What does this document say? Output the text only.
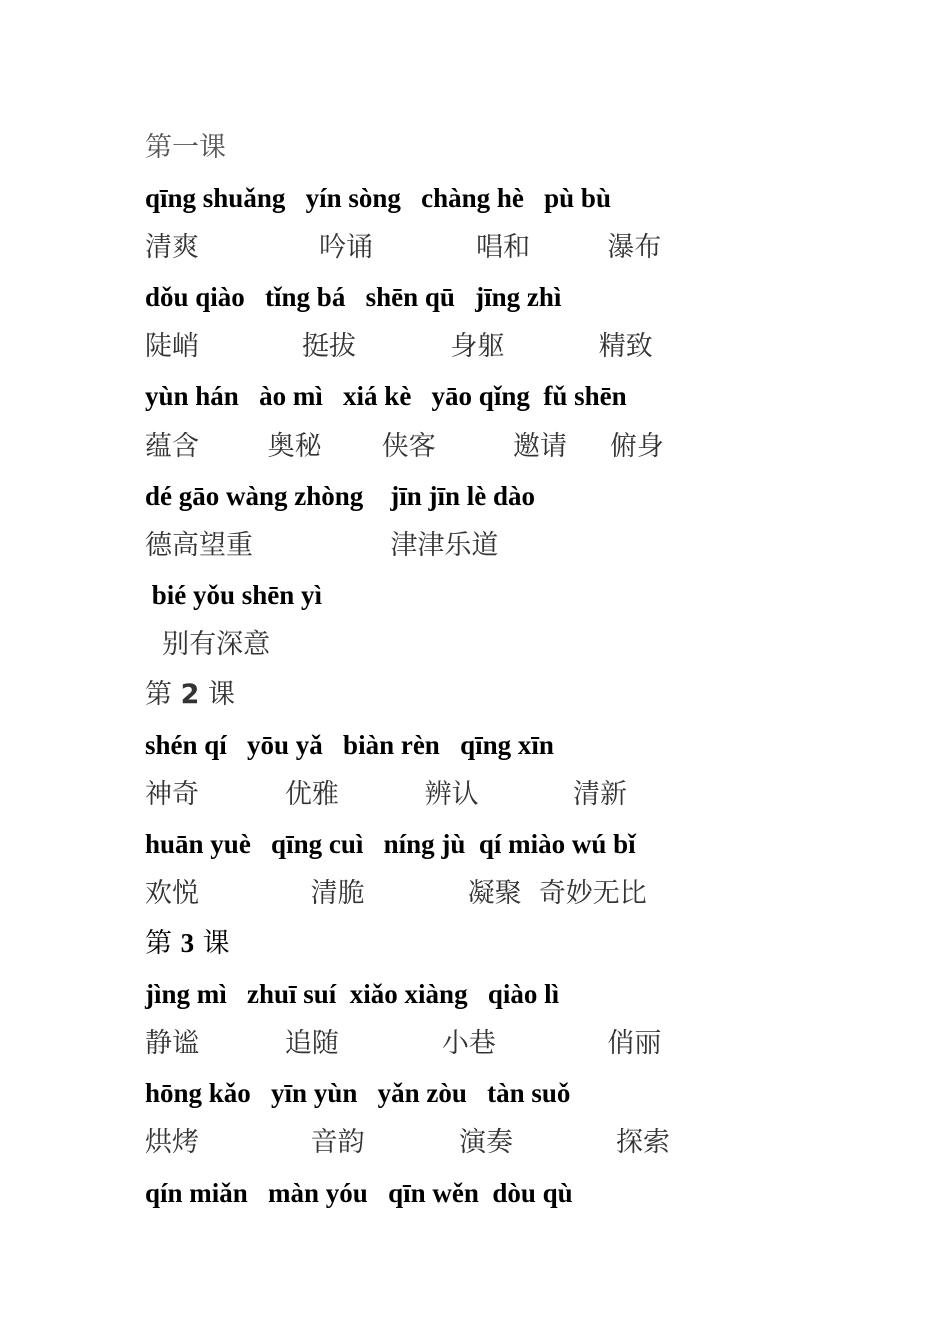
第一课
qīng shuǎng   yín sòng   chàng hè   pù bù
清爽              吟诵            唱和         瀑布
dǒu qiào   tǐng bá   shēn qū   jīng zhì
陡峭            挺拔           身躯           精致
yùn hán   ào mì   xiá kè   yāo qǐng  fǔ shēn
蕴含        奥秘       侠客         邀请     俯身
dé gāo wàng zhòng    jīn jīn lè dào
德高望重                津津乐道
bié yǒu shēn yì
别有深意
第 2 课
shén qí   yōu yǎ   biàn rèn   qīng xīn
神奇          优雅          辨认           清新
huān yuè   qīng cuì   níng jù  qí miào wú bǐ
欢悦             清脆            凝聚  奇妙无比
第 3 课
jìng mì   zhuī suí  xiǎo xiàng   qiào lì
静谧          追随            小巷             俏丽
hōng kǎo   yīn yùn   yǎn zòu   tàn suǒ
烘烤             音韵           演奏            探索
qín miǎn   màn yóu   qīn wěn  dòu qù
